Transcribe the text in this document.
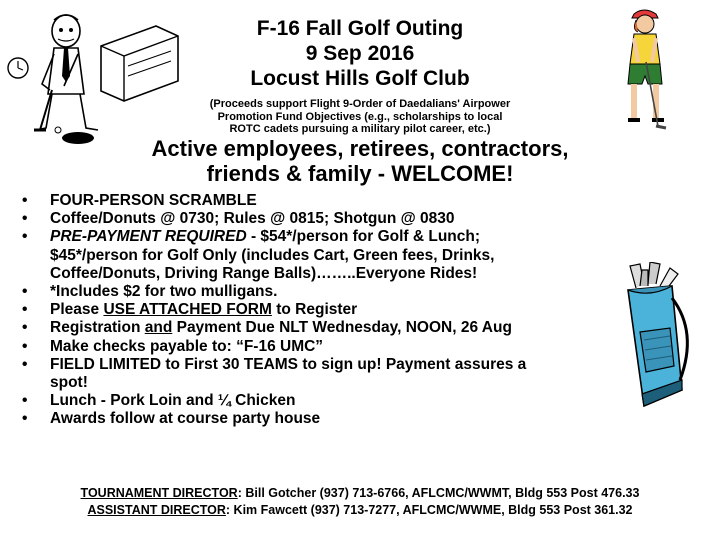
F-16 Fall Golf Outing
9 Sep 2016
Locust Hills Golf Club
(Proceeds support Flight 9-Order of Daedalians' Airpower
Promotion Fund Objectives (e.g., scholarships to local
ROTC cadets pursuing a military pilot career, etc.)
Active employees, retirees, contractors,
friends & family - WELCOME!
• FOUR-PERSON SCRAMBLE
• Coffee/Donuts @ 0730; Rules @ 0815; Shotgun @ 0830
• PRE-PAYMENT REQUIRED - $54*/person for Golf & Lunch;
$45*/person for Golf Only (includes Cart, Green fees, Drinks,
Coffee/Donuts, Driving Range Balls)……..Everyone Rides!
• *Includes $2 for two mulligans.
• Please USE ATTACHED FORM to Register
• Registration and Payment Due NLT Wednesday, NOON, 26 Aug
• Make checks payable to: “F-16 UMC”
• FIELD LIMITED to First 30 TEAMS to sign up! Payment assures a
spot!
• Lunch - Pork Loin and ¼ Chicken
• Awards follow at course party house
TOURNAMENT DIRECTOR: Bill Gotcher (937) 713-6766, AFLCMC/WWMT, Bldg 553 Post 476.33
ASSISTANT DIRECTOR: Kim Fawcett (937) 713-7277, AFLCMC/WWME, Bldg 553 Post 361.32
